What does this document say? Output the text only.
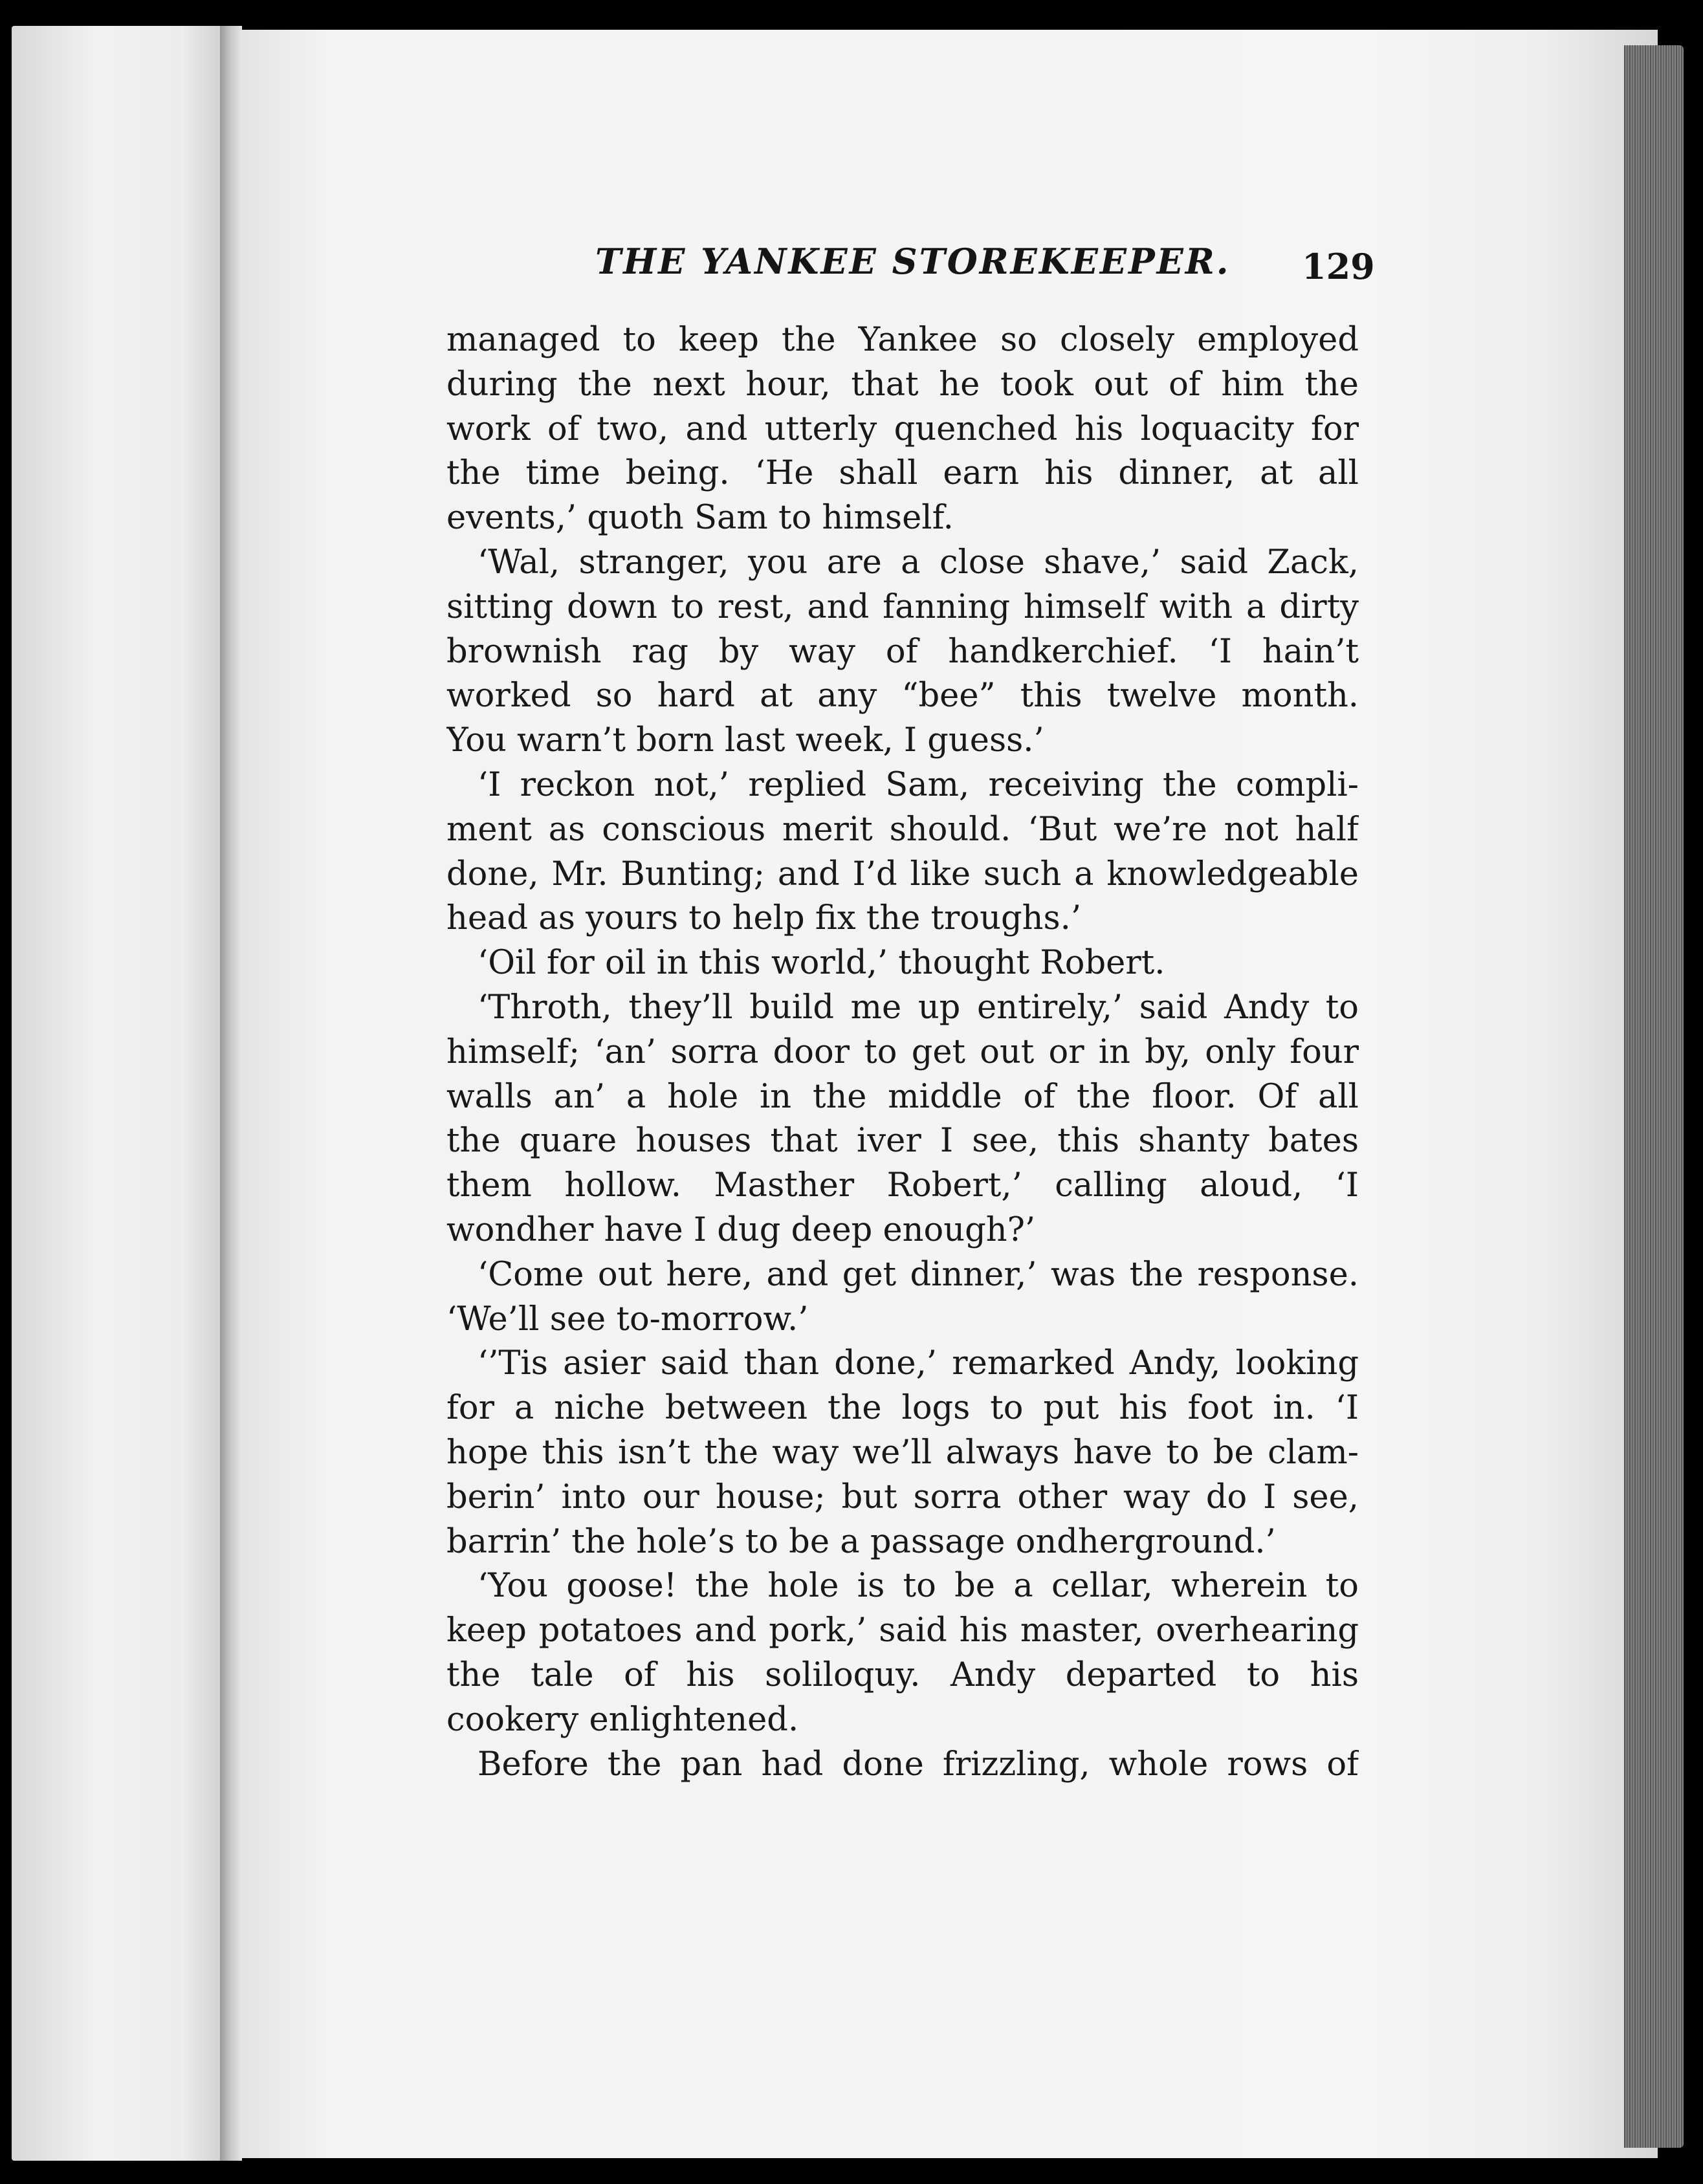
THE YANKEE STOREKEEPER. 129
managed to keep the Yankee so closely employed
during the next hour, that he took out of him the
work of two, and utterly quenched his loquacity for
the time being. ‘He shall earn his dinner, at all
events,’ quoth Sam to himself.
‘Wal, stranger, you are a close shave,’ said Zack,
sitting down to rest, and fanning himself with a dirty
brownish rag by way of handkerchief. ‘I hain’t
worked so hard at any “bee” this twelve month.
You warn’t born last week, I guess.’
‘I reckon not,’ replied Sam, receiving the compli-
ment as conscious merit should. ‘But we’re not half
done, Mr. Bunting; and I’d like such a knowledgeable
head as yours to help fix the troughs.’
‘Oil for oil in this world,’ thought Robert.
‘Throth, they’ll build me up entirely,’ said Andy to
himself; ‘an’ sorra door to get out or in by, only four
walls an’ a hole in the middle of the floor. Of all
the quare houses that iver I see, this shanty bates
them hollow. Masther Robert,’ calling aloud, ‘I
wondher have I dug deep enough?’
‘Come out here, and get dinner,’ was the response.
‘We’ll see to-morrow.’
‘’Tis asier said than done,’ remarked Andy, looking
for a niche between the logs to put his foot in. ‘I
hope this isn’t the way we’ll always have to be clam-
berin’ into our house; but sorra other way do I see,
barrin’ the hole’s to be a passage ondherground.’
‘You goose! the hole is to be a cellar, wherein to
keep potatoes and pork,’ said his master, overhearing
the tale of his soliloquy. Andy departed to his
cookery enlightened.
Before the pan had done frizzling, whole rows of
